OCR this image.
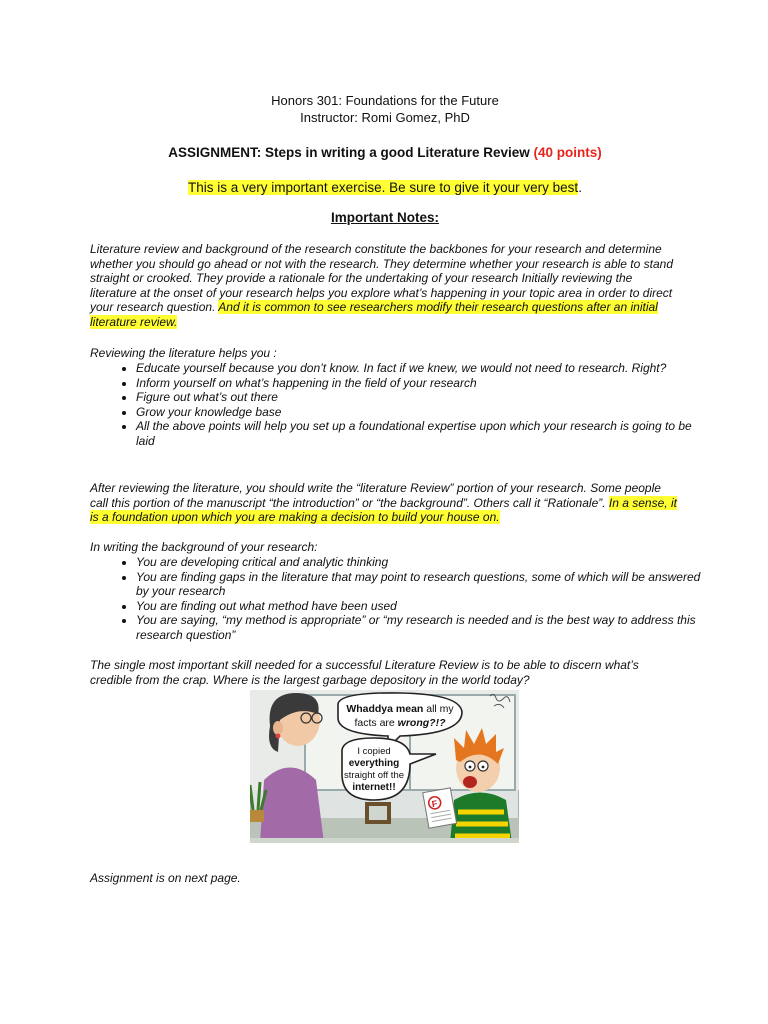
Honors 301: Foundations for the Future
Instructor: Romi Gomez, PhD
ASSIGNMENT: Steps in writing a good Literature Review (40 points)
This is a very important exercise. Be sure to give it your very best.
Important Notes:

Literature review and background of the research constitute the backbones for your research and determine whether you should go ahead or not with the research. They determine whether your research is able to stand straight or crooked. They provide a rationale for the undertaking of your research Initially reviewing the literature at the onset of your research helps you explore what’s happening in your topic area in order to direct your research question. And it is common to see researchers modify their research questions after an initial literature review.

Reviewing the literature helps you :

• Educate yourself because you don’t know. In fact if we knew, we would not need to research. Right?
• Inform yourself on what’s happening in the field of your research
• Figure out what’s out there
• Grow your knowledge base
• All the above points will help you set up a foundational expertise upon which your research is going to be laid

After reviewing the literature, you should write the “literature Review” portion of your research. Some people call this portion of the manuscript “the introduction” or “the background”. Others call it “Rationale”. In a sense, it is a foundation upon which you are making a decision to build your house on.

In writing the background of your research:

• You are developing critical and analytic thinking
• You are finding gaps in the literature that may point to research questions, some of which will be answered by your research
• You are finding out what method have been used
• You are saying, “my method is appropriate” or “my research is needed and is the best way to address this research question”

The single most important skill needed for a successful Literature Review is to be able to discern what’s credible from the crap. Where is the largest garbage depository in the world today?

F
Whaddya mean all my
facts are wrong?!?
I copied
everything
straight off the
internet!!
Assignment is on next page.
